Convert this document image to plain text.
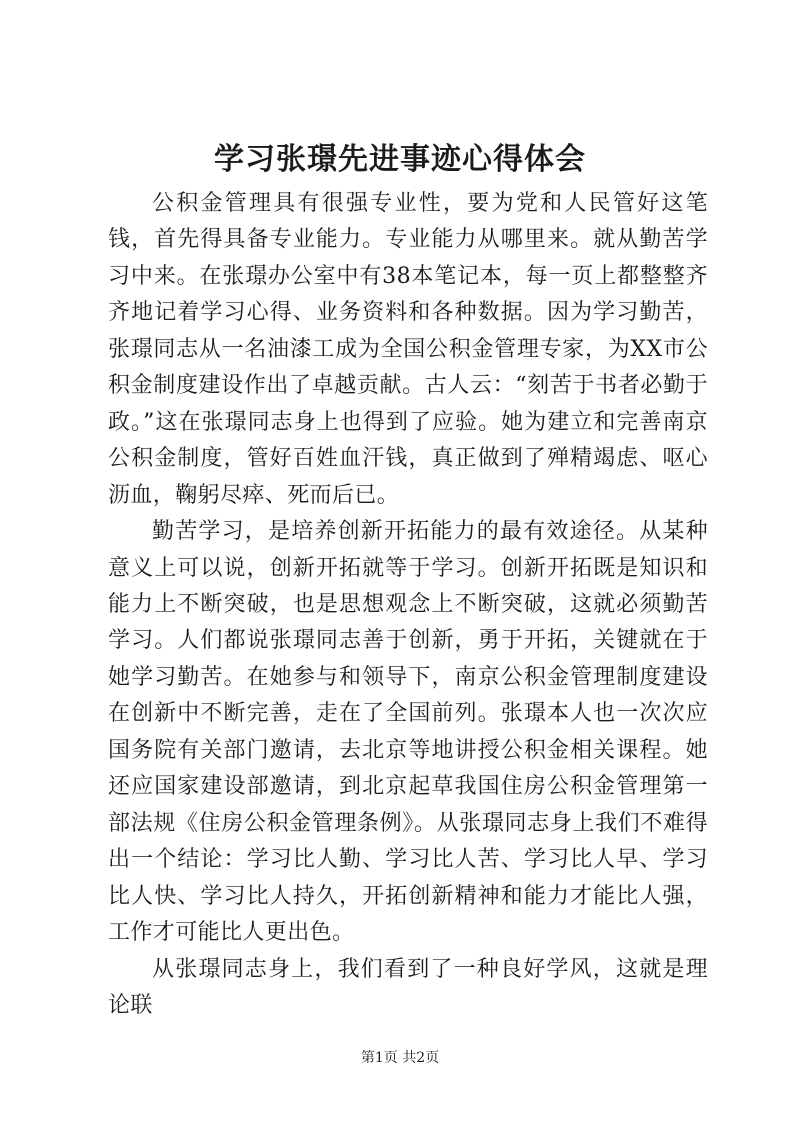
学习张璟先进事迹心得体会

公积金管理具有很强专业性，要为党和人民管好这笔钱，首先得具备专业能力。专业能力从哪里来。就从勤苦学习中来。在张璟办公室中有38本笔记本，每一页上都整整齐齐地记着学习心得、业务资料和各种数据。因为学习勤苦，张璟同志从一名油漆工成为全国公积金管理专家，为XX市公积金制度建设作出了卓越贡献。古人云：“刻苦于书者必勤于政。”这在张璟同志身上也得到了应验。她为建立和完善南京公积金制度，管好百姓血汗钱，真正做到了殚精竭虑、呕心沥血，鞠躬尽瘁、死而后已。

勤苦学习，是培养创新开拓能力的最有效途径。从某种意义上可以说，创新开拓就等于学习。创新开拓既是知识和能力上不断突破，也是思想观念上不断突破，这就必须勤苦学习。人们都说张璟同志善于创新，勇于开拓，关键就在于她学习勤苦。在她参与和领导下，南京公积金管理制度建设在创新中不断完善，走在了全国前列。张璟本人也一次次应国务院有关部门邀请，去北京等地讲授公积金相关课程。她还应国家建设部邀请，到北京起草我国住房公积金管理第一部法规《住房公积金管理条例》。从张璟同志身上我们不难得出一个结论：学习比人勤、学习比人苦、学习比人早、学习比人快、学习比人持久，开拓创新精神和能力才能比人强，工作才可能比人更出色。

从张璟同志身上，我们看到了一种良好学风，这就是理论联

第1页 共2页
